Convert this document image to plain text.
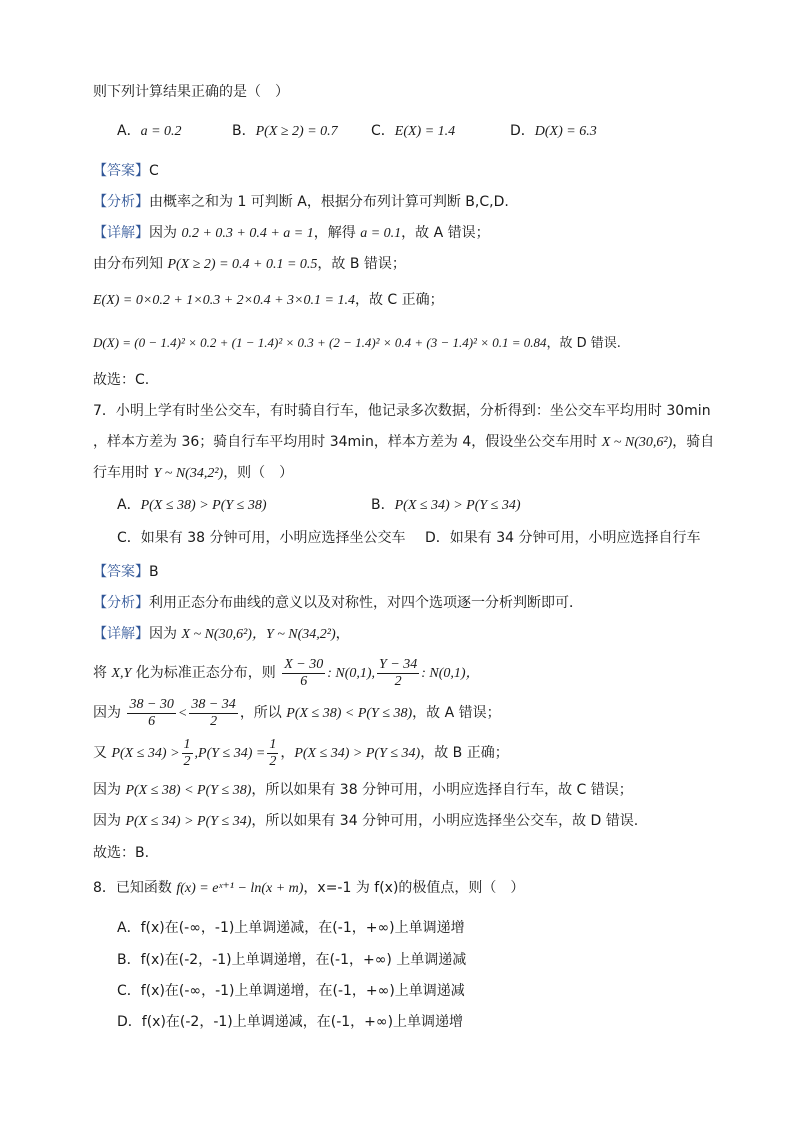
则下列计算结果正确的是（　）
A．a = 0.2	B．P(X ≥ 2) = 0.7 C．E(X) = 1.4	D．D(X) = 6.3
【答案】C
【分析】由概率之和为 1 可判断 A，根据分布列计算可判断 B,C,D.
【详解】因为 0.2 + 0.3 + 0.4 + a = 1，解得 a = 0.1，故 A 错误；
由分布列知 P(X ≥ 2) = 0.4 + 0.1 = 0.5，故 B 错误；
E(X) = 0×0.2 + 1×0.3 + 2×0.4 + 3×0.1 = 1.4，故 C 正确；
D(X) = (0 − 1.4)² × 0.2 + (1 − 1.4)² × 0.3 + (2 − 1.4)² × 0.4 + (3 − 1.4)² × 0.1 = 0.84，故 D 错误.
故选：C.
7．小明上学有时坐公交车，有时骑自行车，他记录多次数据，分析得到：坐公交车平均用时 30min
，样本方差为 36；骑自行车平均用时 34min，样本方差为 4，假设坐公交车用时 X ~ N(30,6²)，骑自
行车用时 Y ~ N(34,2²)，则（　）
A．P(X ≤ 38) > P(Y ≤ 38)	B．P(X ≤ 34) > P(Y ≤ 34)
C．如果有 38 分钟可用，小明应选择坐公交车 D．如果有 34 分钟可用，小明应选择自行车
【答案】B
【分析】利用正态分布曲线的意义以及对称性，对四个选项逐一分析判断即可．
【详解】因为 X ~ N(30,6²)，Y ~ N(34,2²)，
将 X,Y 化为标准正态分布，则 $\frac{X - 30}{6}$ : N(0,1), $\frac{Y - 34}{2}$ : N(0,1)，
因为 $\frac{38 - 30}{6} < \frac{38 - 34}{2}$ ，所以 P(X ≤ 38) < P(Y ≤ 38)，故 A 错误；
又 $P(X \le 34) > \frac{1}{2} ,P(Y \le 34) = \frac{1}{2}$ ，P(X ≤ 34) > P(Y ≤ 34)，故 B 正确；
因为 P(X ≤ 38) < P(Y ≤ 38)，所以如果有 38 分钟可用，小明应选择自行车，故 C 错误；
因为 P(X ≤ 34) > P(Y ≤ 34)，所以如果有 34 分钟可用，小明应选择坐公交车，故 D 错误.
故选：B.
8．已知函数 f(x) = eˣ⁺¹ − ln(x + m)，x=-1 为 f(x)的极值点，则（　）
A．f(x)在(-∞，-1)上单调递减，在(-1，+∞)上单调递增
B．f(x)在(-2，-1)上单调递增，在(-1，+∞) 上单调递减
C．f(x)在(-∞，-1)上单调递增，在(-1，+∞)上单调递减
D．f(x)在(-2，-1)上单调递减，在(-1，+∞)上单调递增
